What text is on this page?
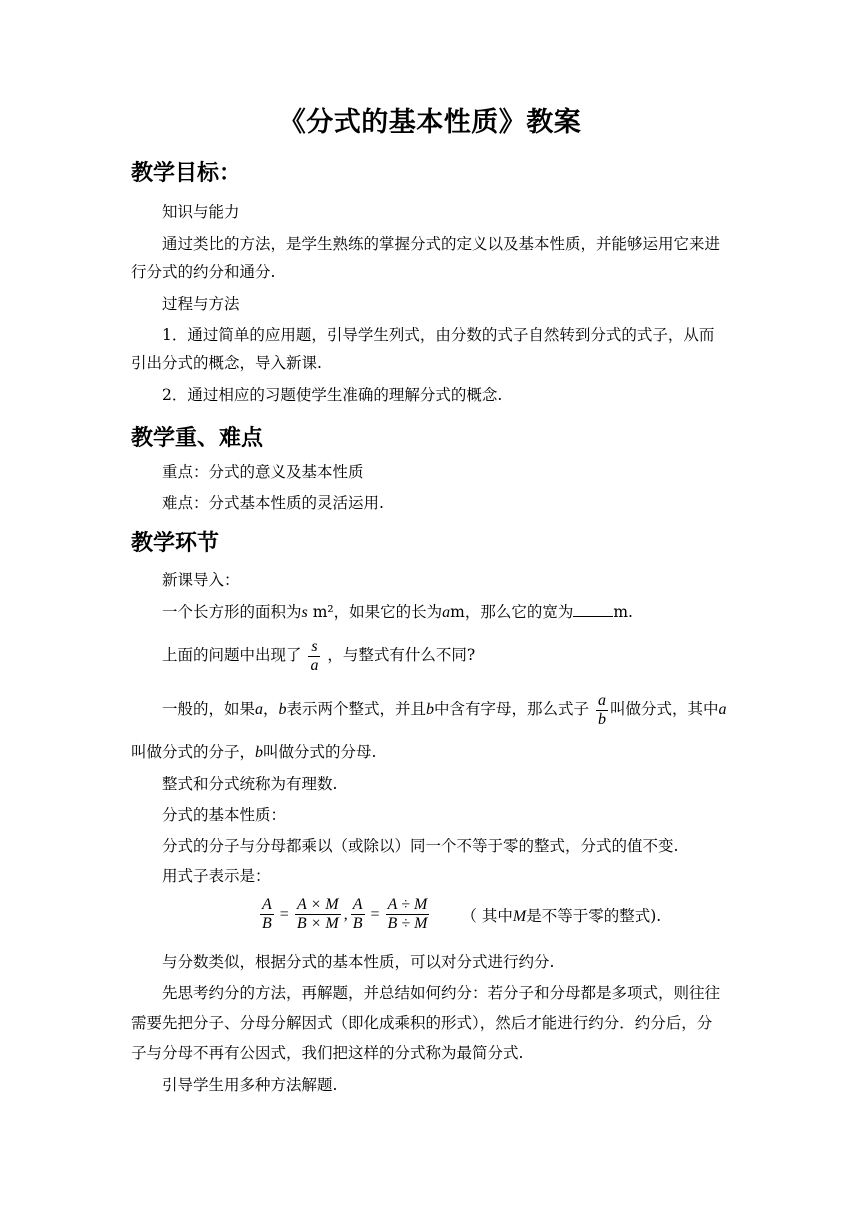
《分式的基本性质》教案
教学目标：
知识与能力
通过类比的方法，是学生熟练的掌握分式的定义以及基本性质，并能够运用它来进
行分式的约分和通分.
过程与方法
1．通过简单的应用题，引导学生列式，由分数的式子自然转到分式的式子，从而
引出分式的概念，导入新课.
2．通过相应的习题使学生准确的理解分式的概念.
教学重、难点
重点：分式的意义及基本性质
难点：分式基本性质的灵活运用.
教学环节
新课导入：
一个长方形的面积为s m²，如果它的长为am，那么它的宽为	m.
上面的问题中出现了 $\frac{s}{a}$ ，与整式有什么不同?
一般的，如果a，b表示两个整式，并且b中含有字母，那么式子 $\frac{a}{b}$ 叫做分式，其中a
叫做分式的分子，b叫做分式的分母.
整式和分式统称为有理数.
分式的基本性质：
分式的分子与分母都乘以（或除以）同一个不等于零的整式，分式的值不变.
用式子表示是：
$\frac{A}{B} = \frac{A \times M}{B \times M}$ , $\frac{A}{B} = \frac{A \div M}{B \div M}$ （ 其中M是不等于零的整式).
与分数类似，根据分式的基本性质，可以对分式进行约分.
先思考约分的方法，再解题，并总结如何约分：若分子和分母都是多项式，则往往
需要先把分子、分母分解因式（即化成乘积的形式），然后才能进行约分．约分后，分
子与分母不再有公因式，我们把这样的分式称为最简分式.
引导学生用多种方法解题.
